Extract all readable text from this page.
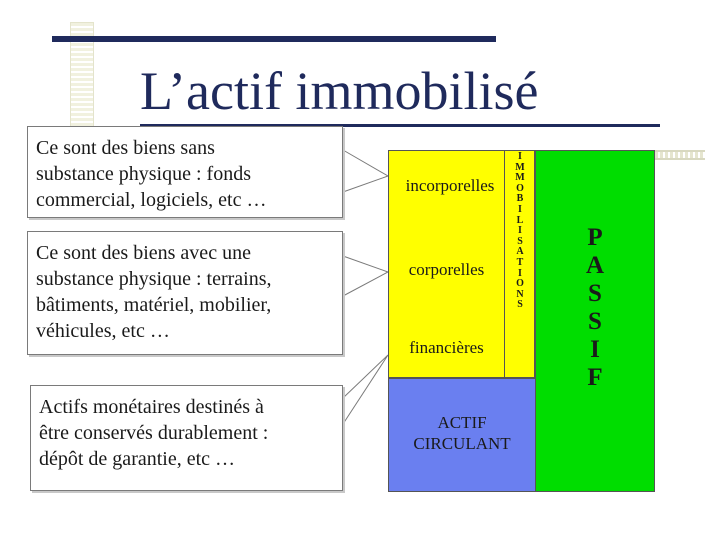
L’actif immobilisé
Ce sont des biens sans
substance physique : fonds
commercial, logiciels, etc …
Ce sont des biens avec une
substance physique : terrains,
bâtiments, matériel, mobilier,
véhicules, etc …
Actifs monétaires destinés à
être conservés durablement :
dépôt de garantie, etc …
incorporelles
corporelles
financières
I
M
M
O
B
I
L
I
S
A
T
I
O
N
S
ACTIF
CIRCULANT
P
A
S
S
I
F
